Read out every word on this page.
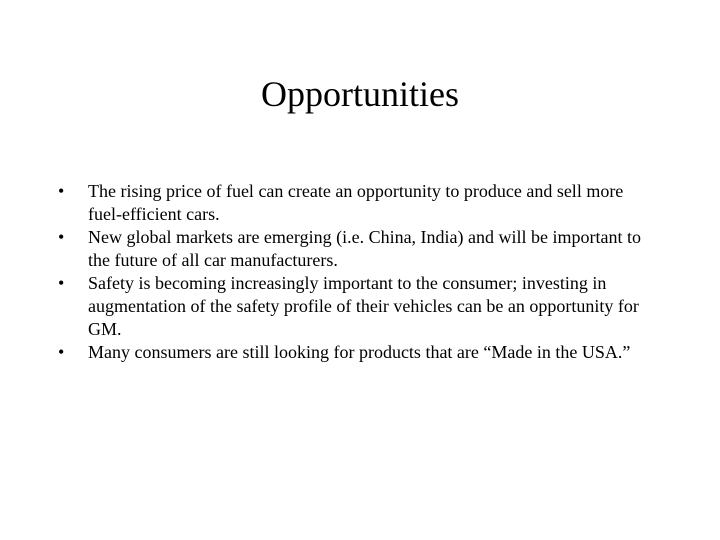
Opportunities
•	The rising price of fuel can create an opportunity to produce and sell more fuel-efficient cars.
•	New global markets are emerging (i.e. China, India) and will be important to the future of all car manufacturers.
•	Safety is becoming increasingly important to the consumer; investing in augmentation of the safety profile of their vehicles can be an opportunity for GM.
•	Many consumers are still looking for products that are “Made in the USA.”
